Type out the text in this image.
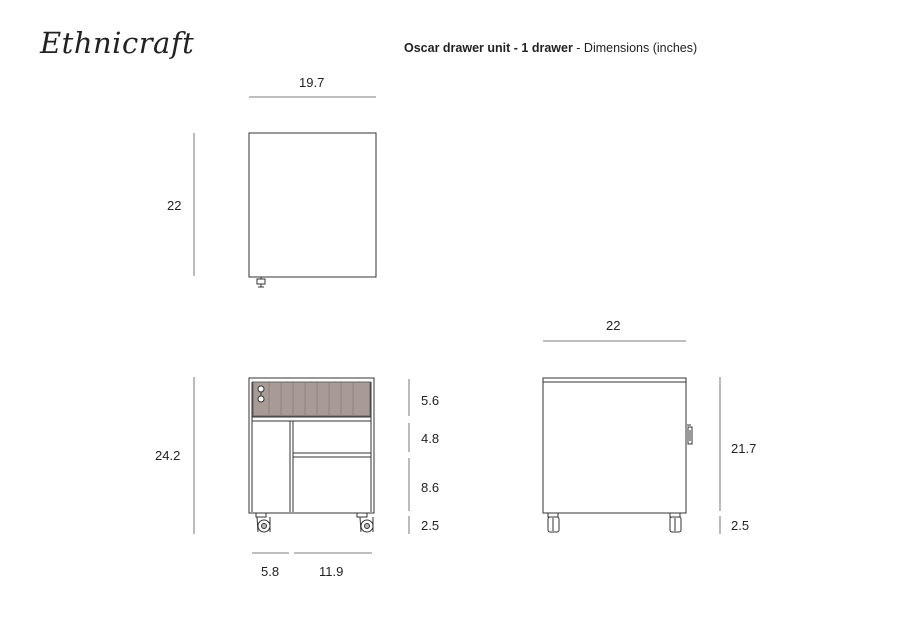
Ethnicraft	Oscar drawer unit - 1 drawer - Dimensions (inches)
19.7
22
24.2
5.6
4.8
8.6
2.5
5.8	11.9
22
21.7
2.5
